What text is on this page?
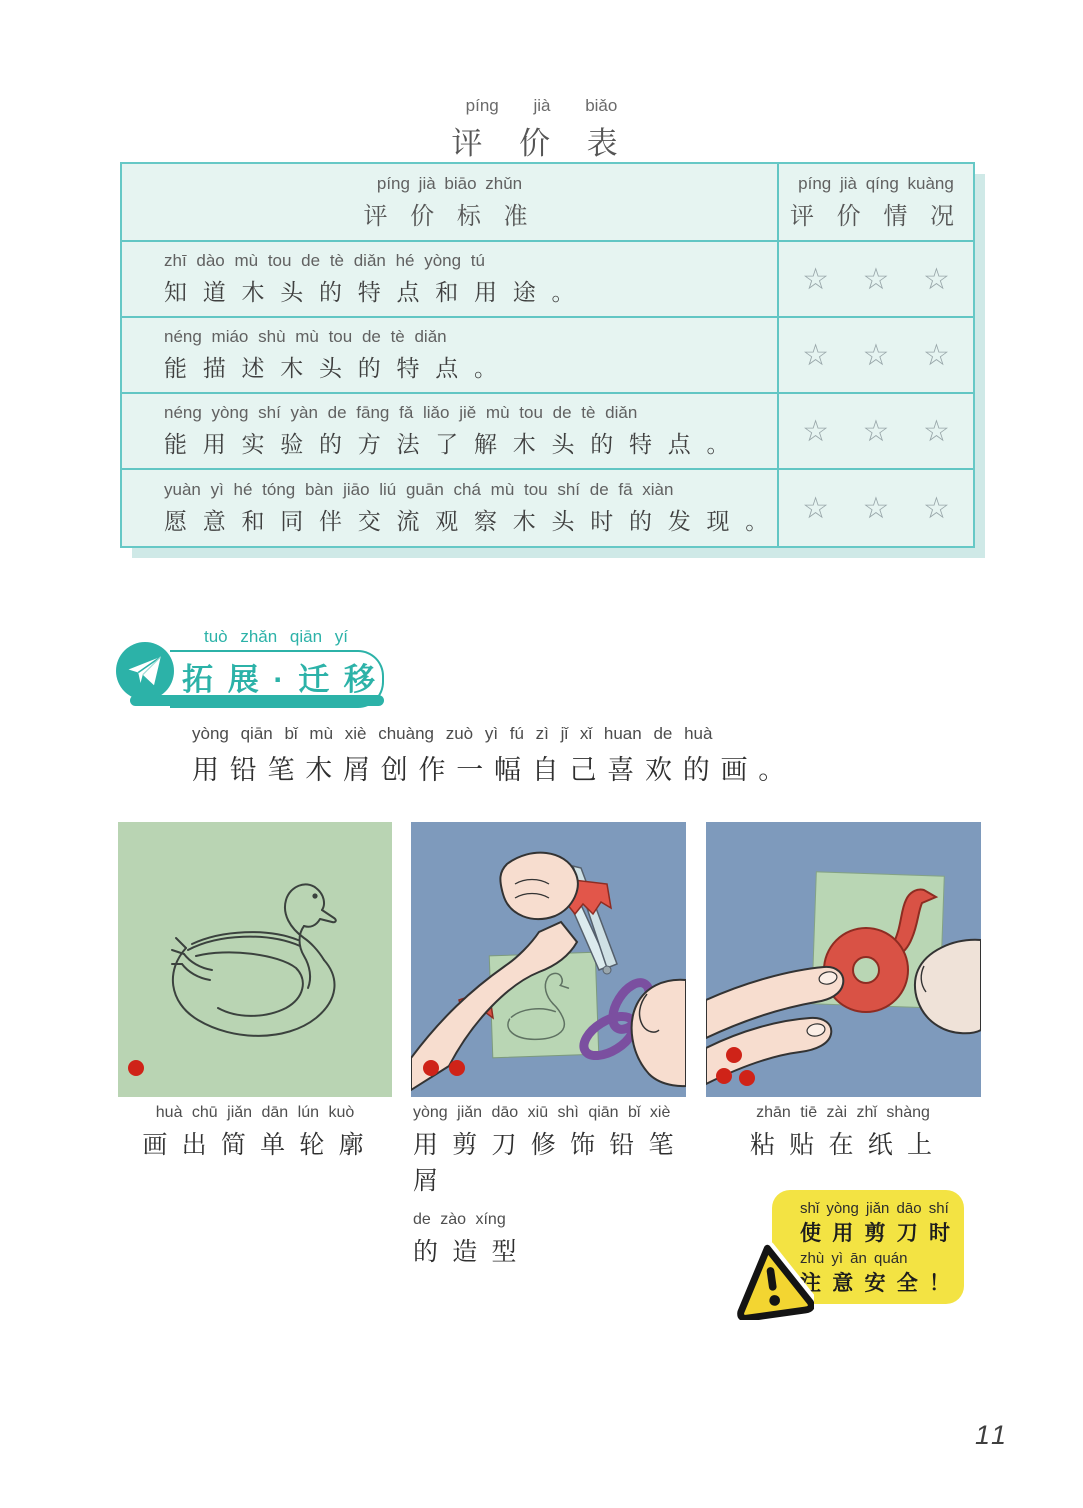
píng jià biǎo
评 价 表
píng jià biāo zhǔn
评 价 标 准
píng jià qíng kuàng
评 价 情 况
zhī dào mù tou de tè diǎn hé yòng tú
知 道 木 头 的 特 点 和 用 途 。	☆ ☆ ☆
néng miáo shù mù tou de tè diǎn
能 描 述 木 头 的 特 点 。	☆ ☆ ☆
néng yòng shí yàn de fāng fǎ liǎo jiě mù tou de tè diǎn
能 用 实 验 的 方 法 了 解 木 头 的 特 点 。	☆ ☆ ☆
yuàn yì hé tóng bàn jiāo liú guān chá mù tou shí de fā xiàn
愿 意 和 同 伴 交 流 观 察 木 头 时 的 发 现 。 ☆ ☆ ☆
tuò zhǎn qiān yí
拓 展 · 迁 移
yòng qiān bǐ mù xiè chuàng zuò yì fú zì jǐ xǐ huan de huà
用 铅 笔 木 屑 创 作 一 幅 自 己 喜 欢 的 画 。
huà chū jiǎn dān lún kuò
画 出 简 单 轮 廓
yòng jiǎn dāo xiū shì qiān bǐ xiè
用 剪 刀 修 饰 铅 笔 屑
de zào xíng
的 造 型
zhān tiē zài zhǐ shàng
粘 贴 在 纸 上
shǐ yòng jiǎn dāo shí
使 用 剪 刀 时
zhù yì ān quán
注 意 安 全 ！
11
